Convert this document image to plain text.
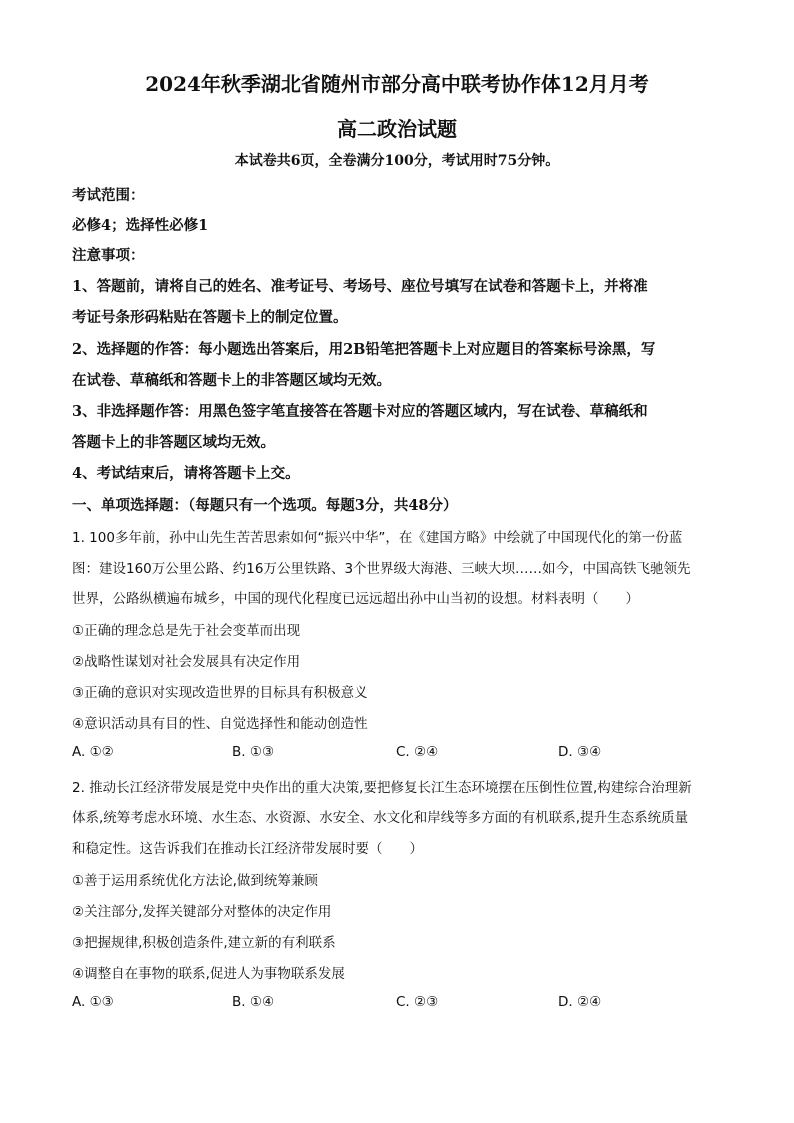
2024年秋季湖北省随州市部分高中联考协作体12月月考
高二政治试题
本试卷共6页，全卷满分100分，考试用时75分钟。
考试范围：
必修4；选择性必修1
注意事项：
1、答题前，请将自己的姓名、准考证号、考场号、座位号填写在试卷和答题卡上，并将准
考证号条形码粘贴在答题卡上的制定位置。
2、选择题的作答：每小题选出答案后，用2B铅笔把答题卡上对应题目的答案标号涂黑，写
在试卷、草稿纸和答题卡上的非答题区域均无效。
3、非选择题作答：用黑色签字笔直接答在答题卡对应的答题区域内，写在试卷、草稿纸和
答题卡上的非答题区域均无效。
4、考试结束后，请将答题卡上交。
一、单项选择题：（每题只有一个选项。每题3分，共48分）
1. 100多年前，孙中山先生苦苦思索如何“振兴中华”，在《建国方略》中绘就了中国现代化的第一份蓝
图：建设160万公里公路、约16万公里铁路、3个世界级大海港、三峡大坝……如今，中国高铁飞驰领先
世界，公路纵横遍布城乡，中国的现代化程度已远远超出孙中山当初的设想。材料表明（　　）
①正确的理念总是先于社会变革而出现
②战略性谋划对社会发展具有决定作用
③正确的意识对实现改造世界的目标具有积极意义
④意识活动具有目的性、自觉选择性和能动创造性
A. ①②	B. ①③	C. ②④	D. ③④
2. 推动长江经济带发展是党中央作出的重大决策,要把修复长江生态环境摆在压倒性位置,构建综合治理新
体系,统筹考虑水环境、水生态、水资源、水安全、水文化和岸线等多方面的有机联系,提升生态系统质量
和稳定性。这告诉我们在推动长江经济带发展时要（　　）
①善于运用系统优化方法论,做到统筹兼顾
②关注部分,发挥关键部分对整体的决定作用
③把握规律,积极创造条件,建立新的有利联系
④调整自在事物的联系,促进人为事物联系发展
A. ①③	B. ①④	C. ②③	D. ②④
